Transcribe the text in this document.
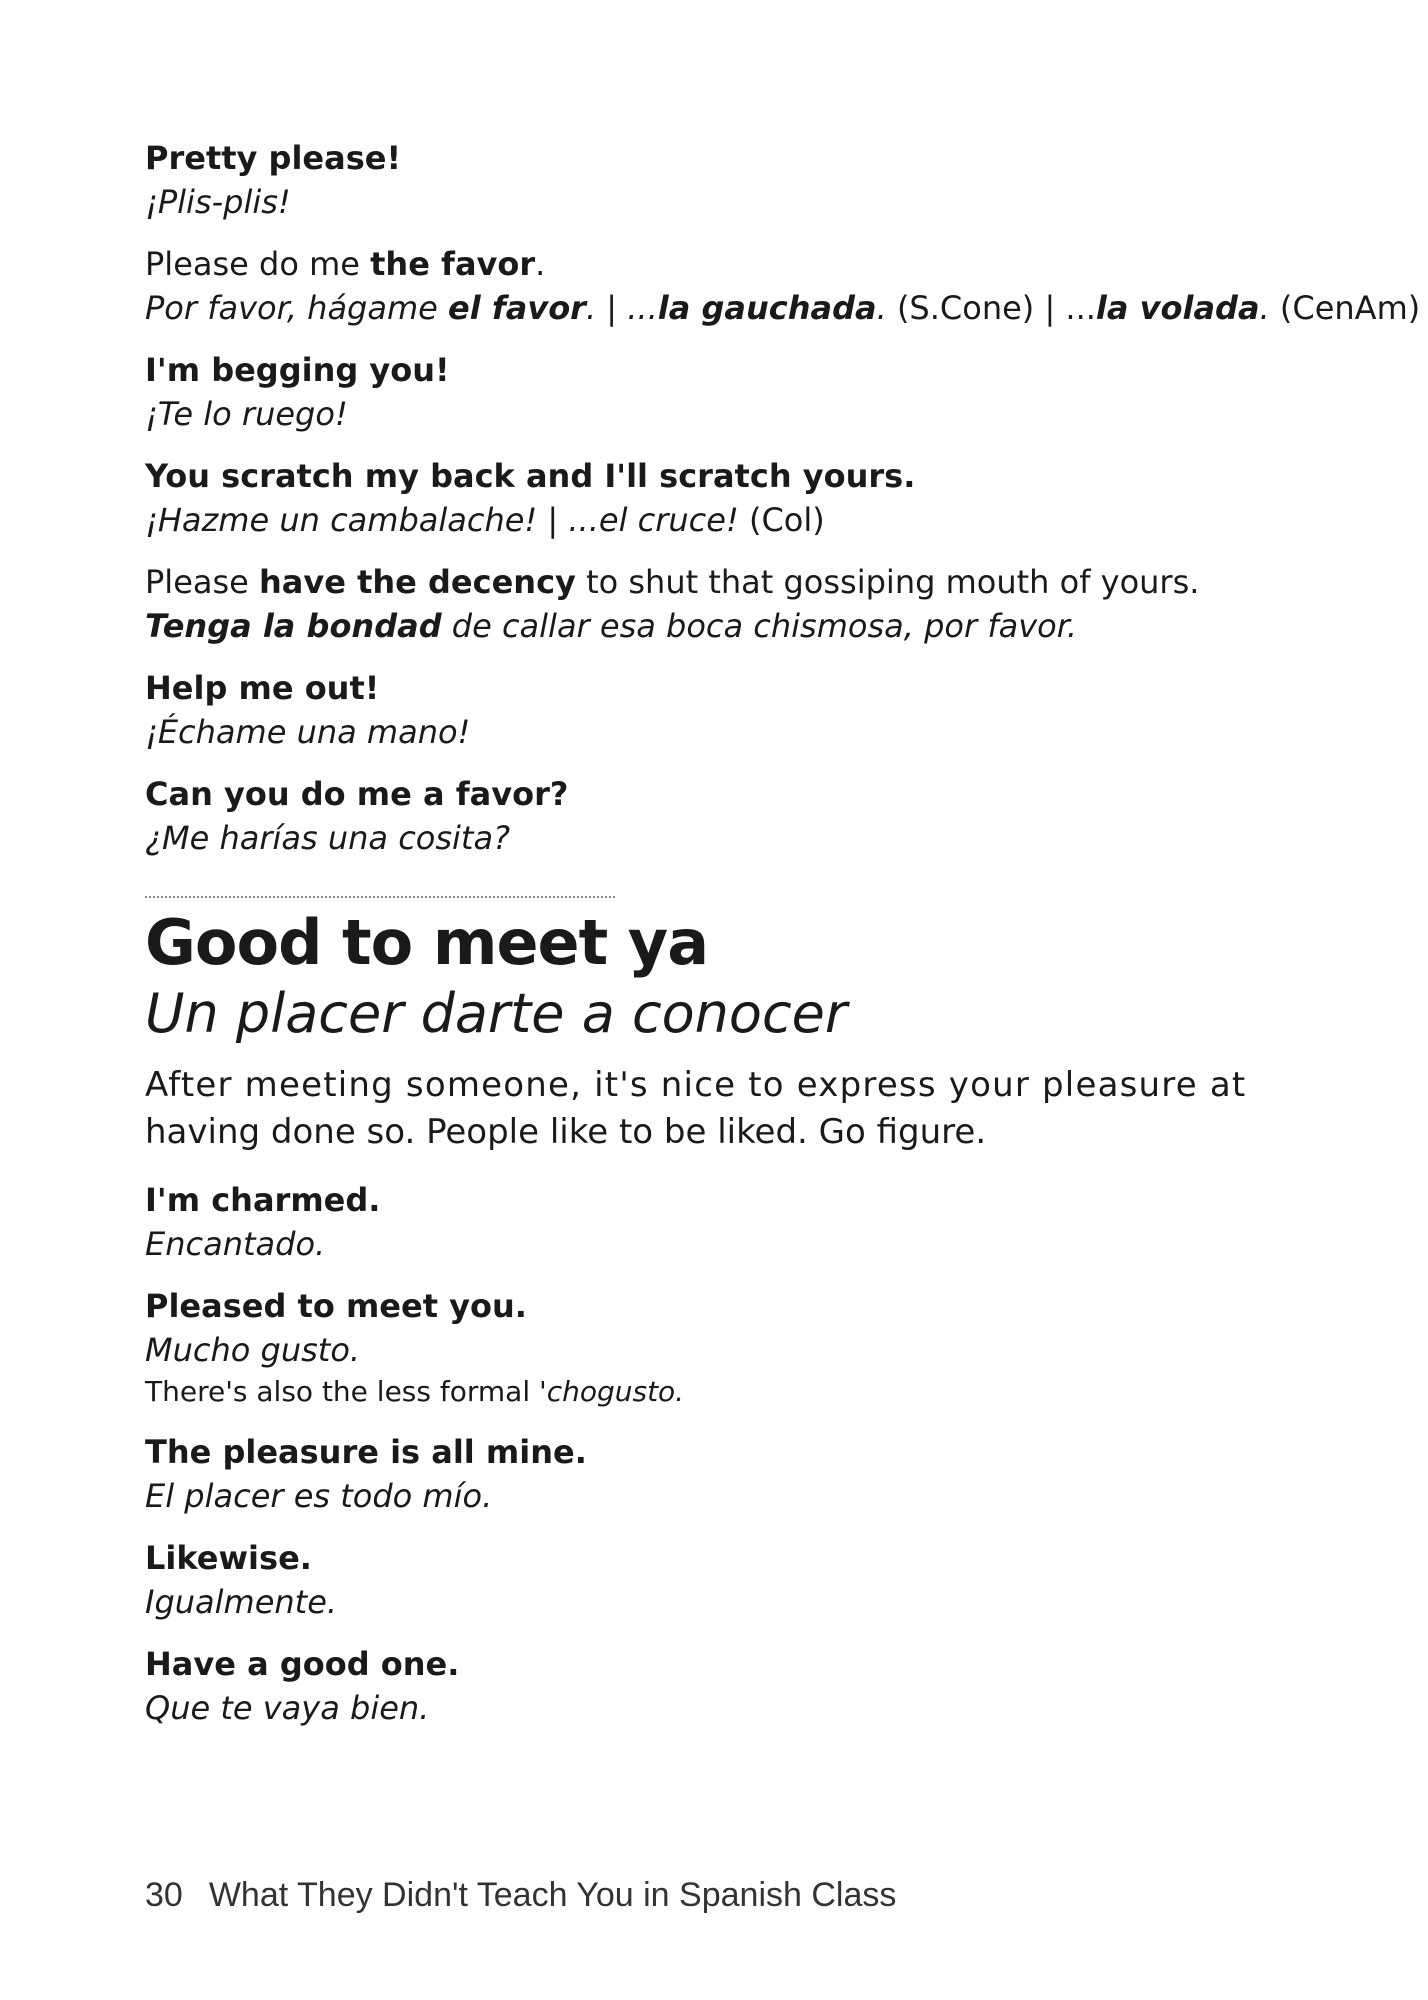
Pretty please!
¡Plis-plis!
Please do me the favor.
Por favor, hágame el favor. | ...la gauchada. (S.Cone) | ...la volada. (CenAm)
I'm begging you!
¡Te lo ruego!
You scratch my back and I'll scratch yours.
¡Hazme un cambalache! | ...el cruce! (Col)
Please have the decency to shut that gossiping mouth of yours.
Tenga la bondad de callar esa boca chismosa, por favor.
Help me out!
¡Échame una mano!
Can you do me a favor?
¿Me harías una cosita?
Good to meet ya
Un placer darte a conocer
After meeting someone, it's nice to express your pleasure at
having done so. People like to be liked. Go figure.
I'm charmed.
Encantado.
Pleased to meet you.
Mucho gusto.
There's also the less formal 'chogusto.
The pleasure is all mine.
El placer es todo mío.
Likewise.
Igualmente.
Have a good one.
Que te vaya bien.
30 What They Didn't Teach You in Spanish Class
